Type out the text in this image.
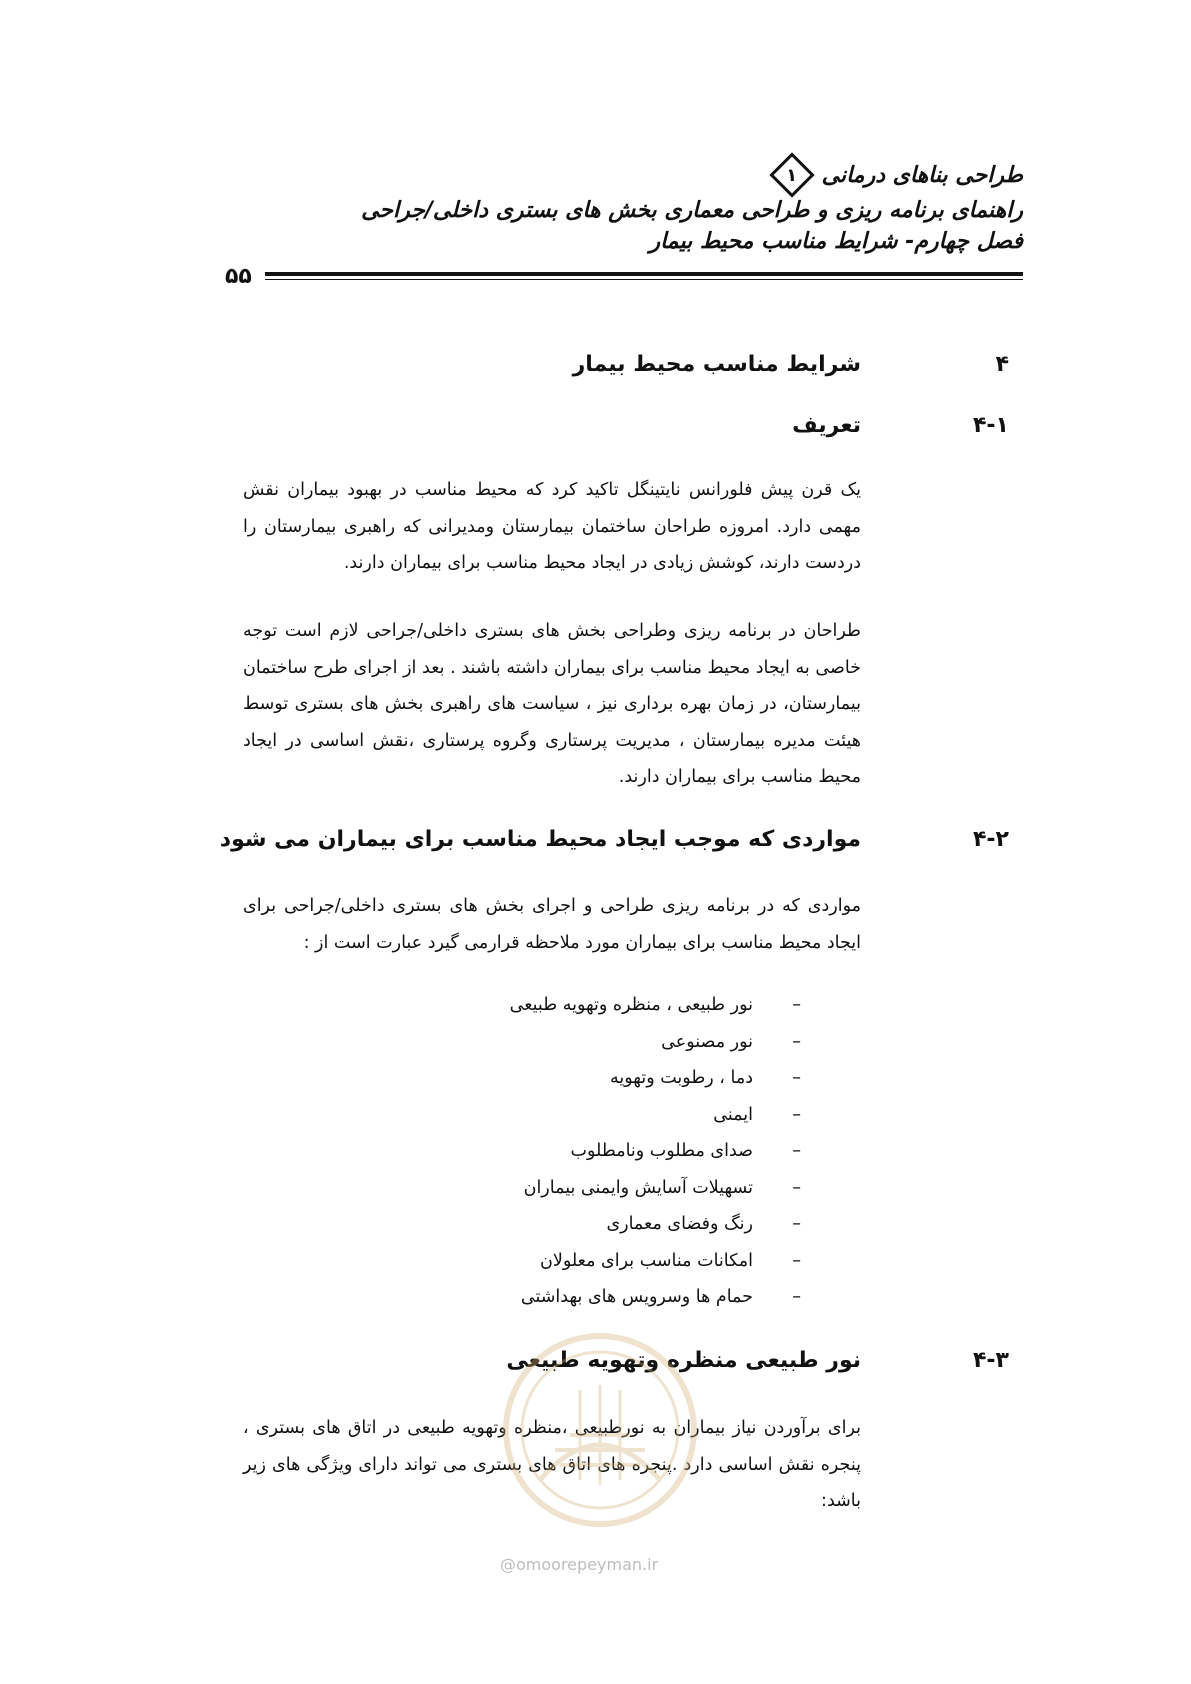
طراحی بناهای درمانی
۱
راهنمای برنامه ریزی و طراحی معماری بخش های بستری داخلی/جراحی
فصل چهارم- شرایط مناسب محیط بیمار
۵۵
۴
شرایط مناسب محیط بیمار
۴-۱
تعریف
یک قرن پیش فلورانس نایتینگل تاکید کرد که محیط مناسب در بهبود بیماران نقش مهمی دارد. امروزه طراحان ساختمان بیمارستان ومدیرانی که راهبری بیمارستان را دردست دارند، کوشش زیادی در ایجاد محیط مناسب برای بیماران دارند.
طراحان در برنامه ریزی وطراحی بخش های بستری داخلی/جراحی لازم است توجه خاصی به ایجاد محیط مناسب برای بیماران داشته باشند . بعد از اجرای طرح ساختمان بیمارستان، در زمان بهره برداری نیز ، سیاست های راهبری بخش های بستری توسط هیئت مدیره بیمارستان ، مدیریت پرستاری وگروه پرستاری ،نقش اساسی در ایجاد محیط مناسب برای بیماران دارند.
۴-۲
مواردی که موجب ایجاد محیط مناسب برای بیماران می شود
مواردی که در برنامه ریزی طراحی و اجرای بخش های بستری داخلی/جراحی برای ایجاد محیط مناسب برای بیماران مورد ملاحظه قرارمی گیرد عبارت است از :
–
نور طبیعی ، منظره وتهویه طبیعی
–
نور مصنوعی
–
دما ، رطوبت وتهویه
–
ایمنی
–
صدای مطلوب ونامطلوب
–
تسهیلات آسایش وایمنی بیماران
–
رنگ وفضای معماری
–
امکانات مناسب برای معلولان
–
حمام ها وسرویس های بهداشتی
۴-۳
نور طبیعی منظره وتهویه طبیعی
برای برآوردن نیاز بیماران به نورطبیعی ،منظره وتهویه طبیعی در اتاق های بستری ، پنجره نقش اساسی دارد .پنجره های اتاق های بستری می تواند دارای ویژگی های زیر باشد:
@omoorepeyman.ir
